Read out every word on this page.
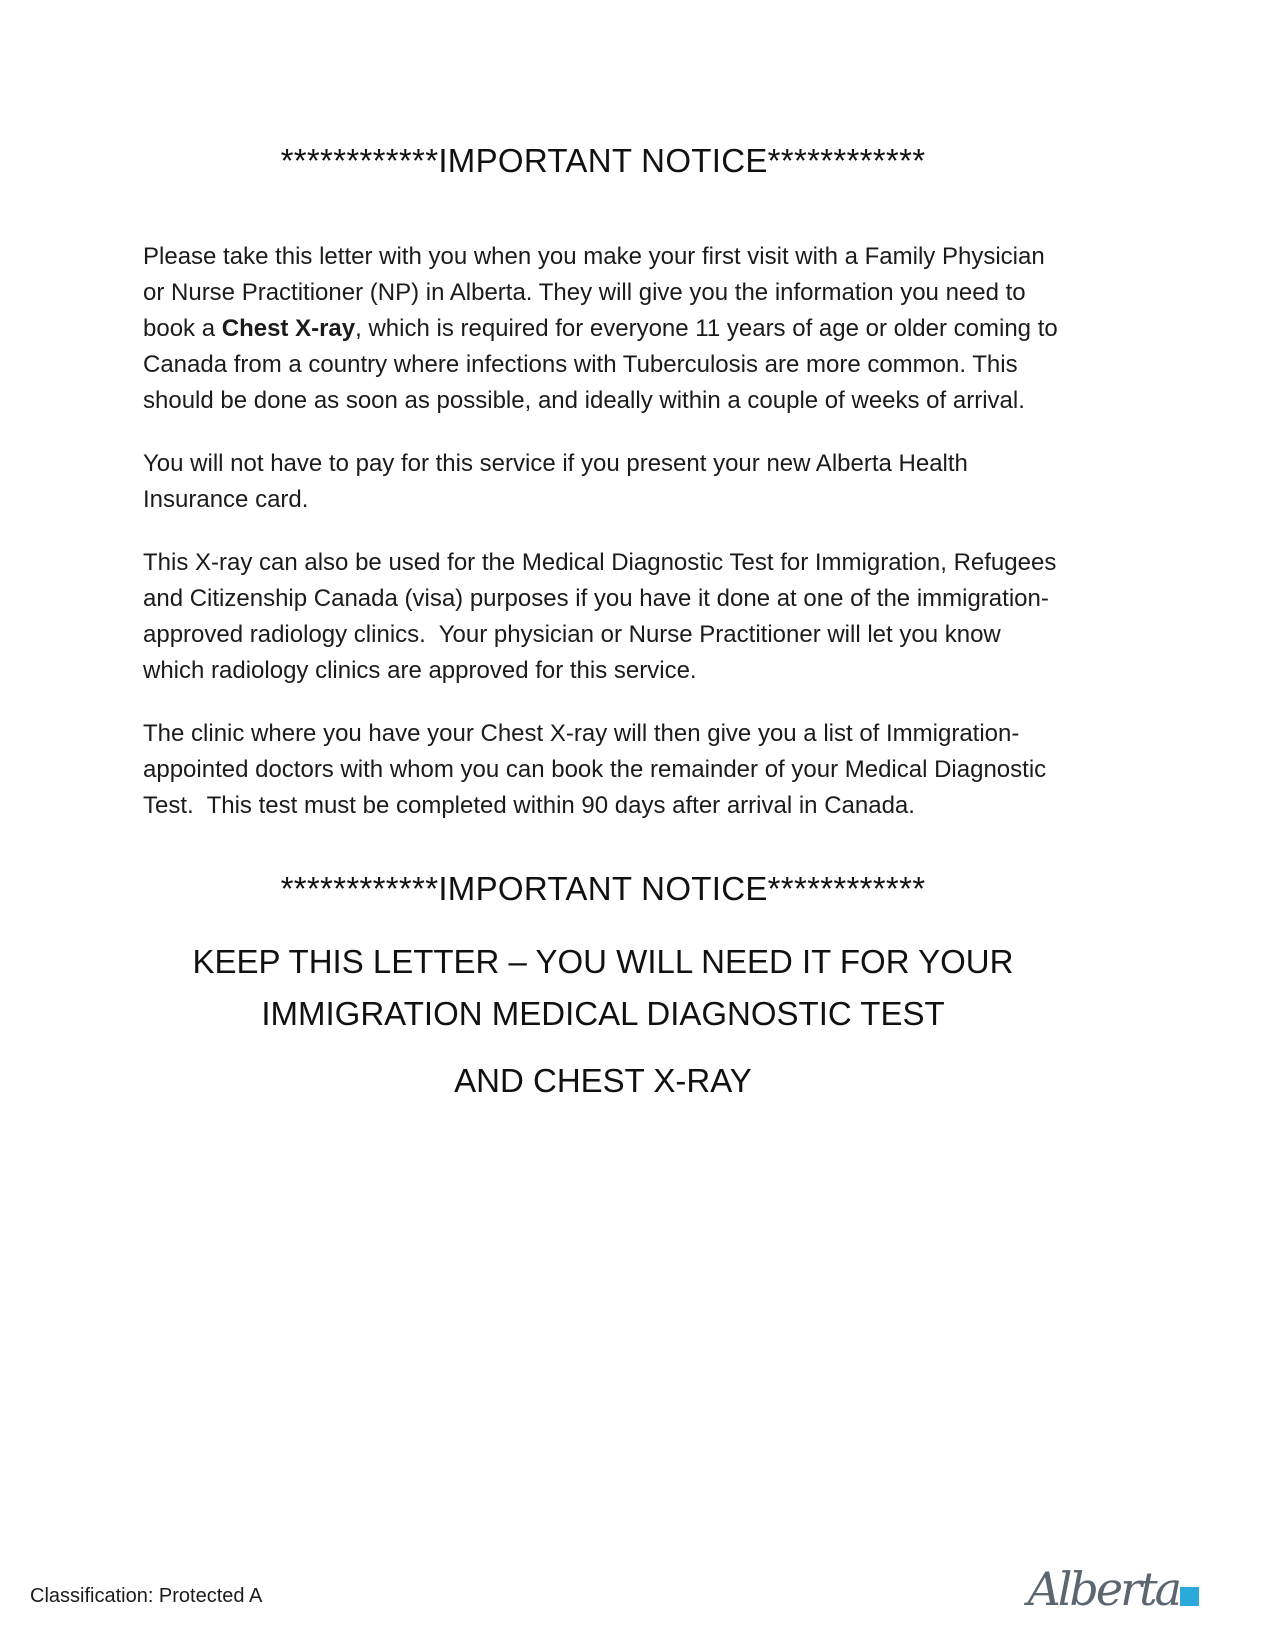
************IMPORTANT NOTICE************

Please take this letter with you when you make your first visit with a Family Physician or Nurse Practitioner (NP) in Alberta. They will give you the information you need to book a Chest X-ray, which is required for everyone 11 years of age or older coming to Canada from a country where infections with Tuberculosis are more common. This should be done as soon as possible, and ideally within a couple of weeks of arrival.

You will not have to pay for this service if you present your new Alberta Health Insurance card.

This X-ray can also be used for the Medical Diagnostic Test for Immigration, Refugees and Citizenship Canada (visa) purposes if you have it done at one of the immigration-approved radiology clinics.  Your physician or Nurse Practitioner will let you know which radiology clinics are approved for this service.

The clinic where you have your Chest X-ray will then give you a list of Immigration-appointed doctors with whom you can book the remainder of your Medical Diagnostic Test.  This test must be completed within 90 days after arrival in Canada.

************IMPORTANT NOTICE************
KEEP THIS LETTER – YOU WILL NEED IT FOR YOUR
IMMIGRATION MEDICAL DIAGNOSTIC TEST
AND CHEST X-RAY
Classification: Protected A	Alberta
